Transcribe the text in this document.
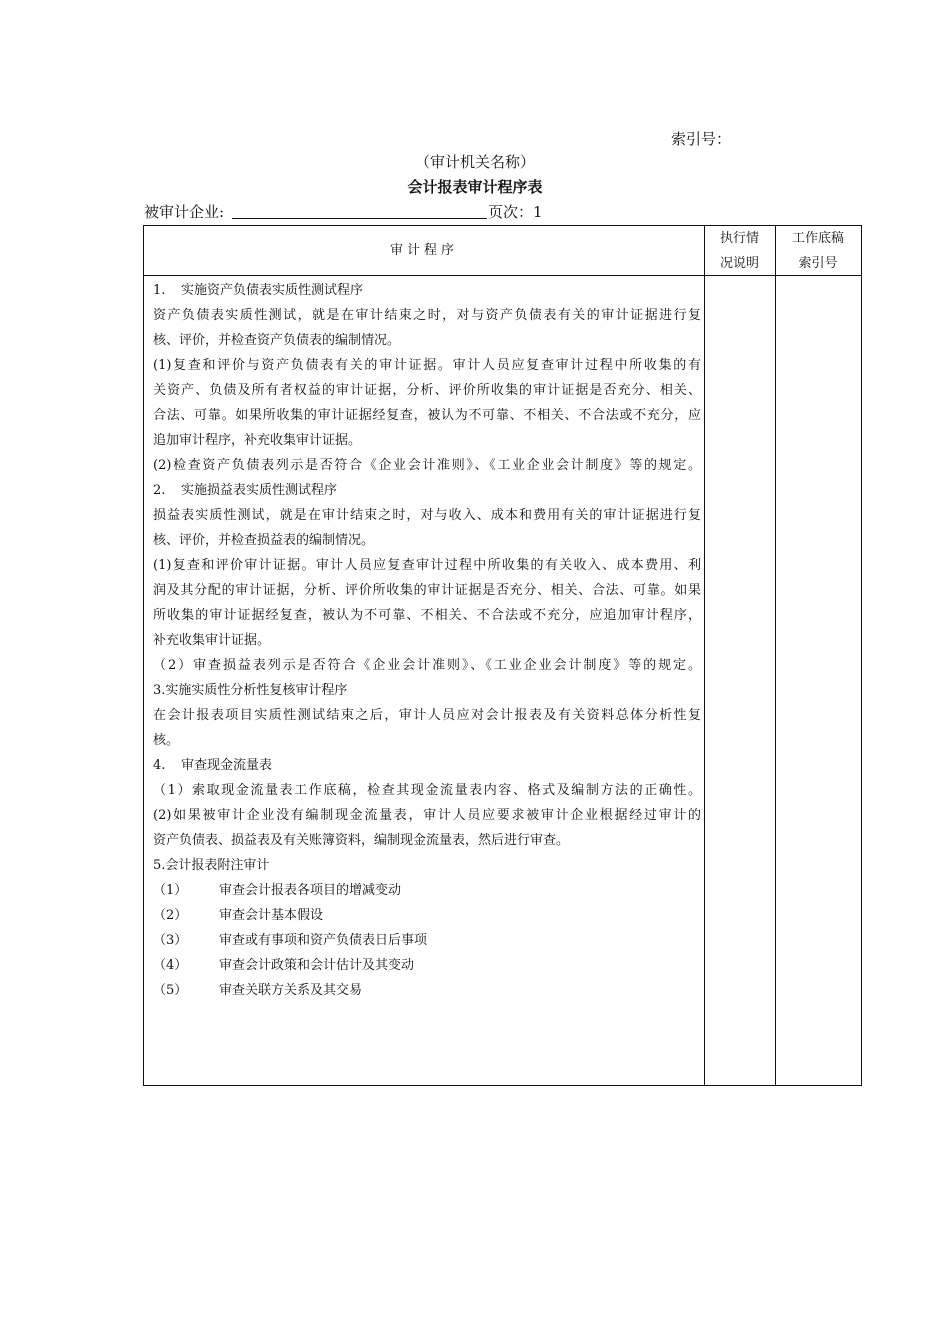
索引号：
（审计机关名称）
会计报表审计程序表
被审计企业:	页次：1
审计程序
执行情
况说明
工作底稿
索引号
1. 实施资产负债表实质性测试程序
资产负债表实质性测试，就是在审计结束之时，对与资产负债表有关的审计证据进行复
核、评价，并检查资产负债表的编制情况。
(1)复查和评价与资产负债表有关的审计证据。审计人员应复查审计过程中所收集的有
关资产、负债及所有者权益的审计证据，分析、评价所收集的审计证据是否充分、相关、
合法、可靠。如果所收集的审计证据经复查，被认为不可靠、不相关、不合法或不充分，应
追加审计程序，补充收集审计证据。
(2)检查资产负债表列示是否符合《企业会计准则》、《工业企业会计制度》等的规定。
2. 实施损益表实质性测试程序
损益表实质性测试，就是在审计结束之时，对与收入、成本和费用有关的审计证据进行复
核、评价，并检查损益表的编制情况。
(1)复查和评价审计证据。审计人员应复查审计过程中所收集的有关收入、成本费用、利
润及其分配的审计证据，分析、评价所收集的审计证据是否充分、相关、合法、可靠。如果
所收集的审计证据经复查，被认为不可靠、不相关、不合法或不充分，应追加审计程序，
补充收集审计证据。
（2）审查损益表列示是否符合《企业会计准则》、《工业企业会计制度》等的规定。
3.实施实质性分析性复核审计程序
在会计报表项目实质性测试结束之后，审计人员应对会计报表及有关资料总体分析性复
核。
4. 审查现金流量表
（1）索取现金流量表工作底稿，检查其现金流量表内容、格式及编制方法的正确性。
(2)如果被审计企业没有编制现金流量表，审计人员应要求被审计企业根据经过审计的
资产负债表、损益表及有关账簿资料，编制现金流量表，然后进行审查。
5.会计报表附注审计
（1） 审查会计报表各项目的增减变动
（2） 审查会计基本假设
（3） 审查或有事项和资产负债表日后事项
（4） 审查会计政策和会计估计及其变动
（5） 审查关联方关系及其交易
